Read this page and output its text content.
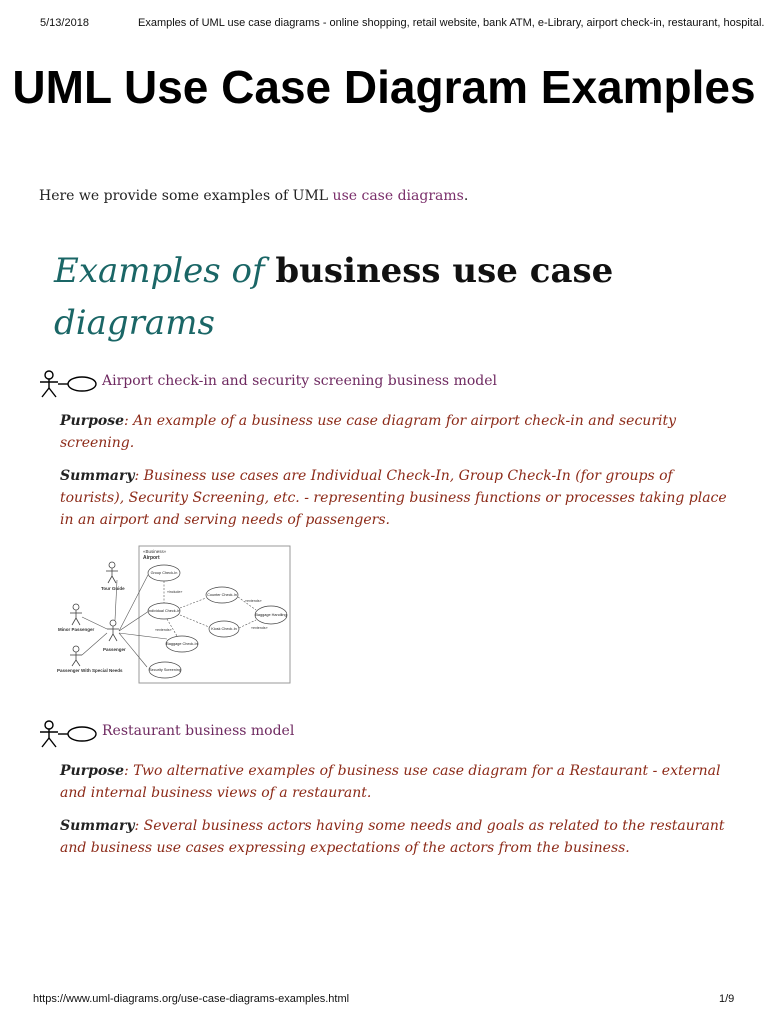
5/13/2018	Examples of UML use case diagrams - online shopping, retail website, bank ATM, e-Library, airport check-in, restaurant, hospital.
UML Use Case Diagram Examples

Here we provide some examples of UML use case diagrams.

Examples of business use case diagrams

Airport check-in and security screening business model

Purpose: An example of a business use case diagram for airport check-in and security screening.

Summary: Business use cases are Individual Check-In, Group Check-In (for groups of tourists), Security Screening, etc. - representing business functions or processes taking place in an airport and serving needs of passengers.

«Business»
Airport
Tour Guide
Minor Passenger
Passenger
Passenger With Special Needs
Group Check-In
Individual Check-In
Counter Check-In
Kiosk Check-In
Baggage Handling
Baggage Check-In
Security Screening
«include»
«extends»
«extends»	«extends»

Restaurant business model

Purpose: Two alternative examples of business use case diagram for a Restaurant - external and internal business views of a restaurant.

Summary: Several business actors having some needs and goals as related to the restaurant and business use cases expressing expectations of the actors from the business.

https://www.uml-diagrams.org/use-case-diagrams-examples.html	1/9
